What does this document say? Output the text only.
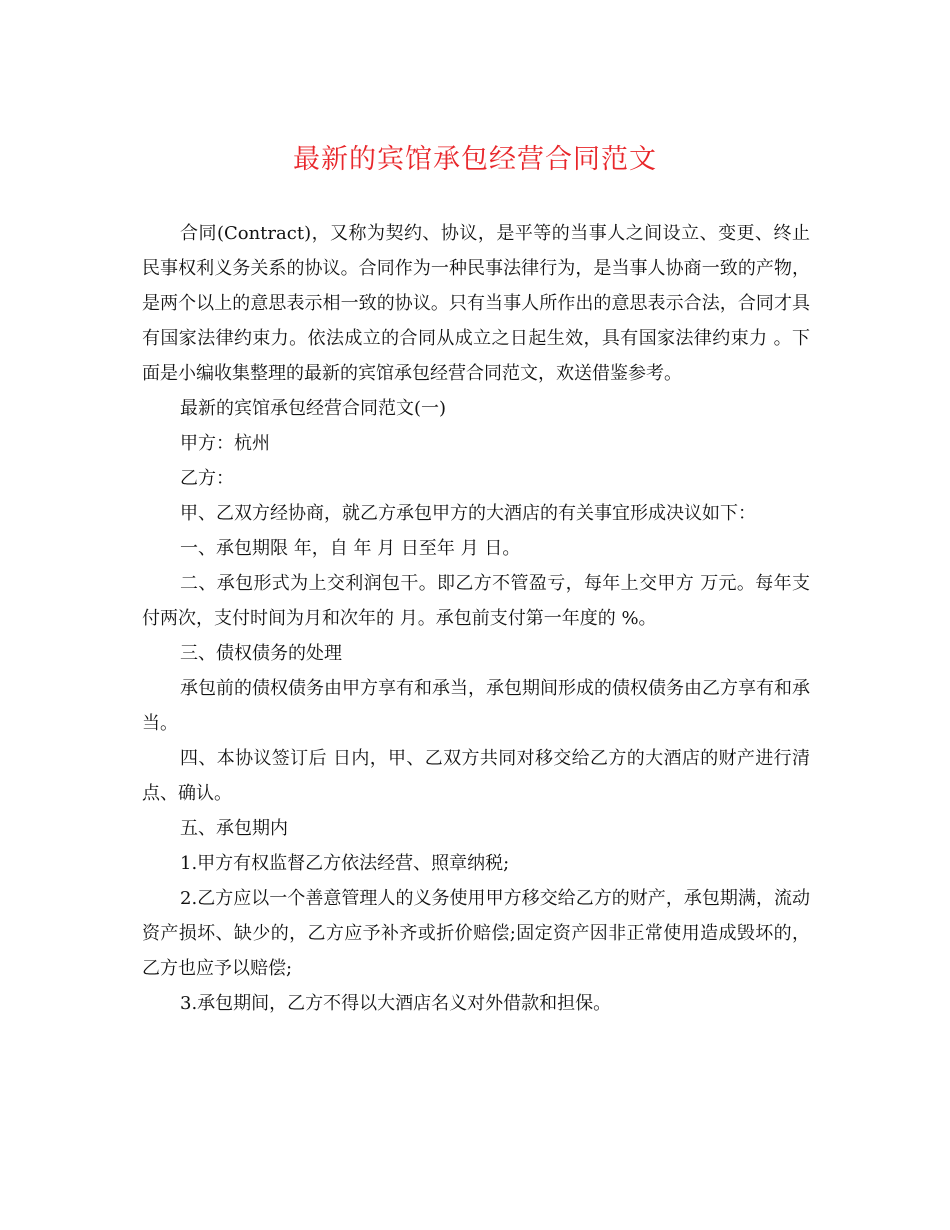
最新的宾馆承包经营合同范文

合同(Contract)，又称为契约、协议，是平等的当事人之间设立、变更、终止民事权利义务关系的协议。合同作为一种民事法律行为，是当事人协商一致的产物，是两个以上的意思表示相一致的协议。只有当事人所作出的意思表示合法，合同才具有国家法律约束力。依法成立的合同从成立之日起生效，具有国家法律约束力 。下面是小编收集整理的最新的宾馆承包经营合同范文，欢送借鉴参考。

最新的宾馆承包经营合同范文(一)

甲方：杭州

乙方：

甲、乙双方经协商，就乙方承包甲方的大酒店的有关事宜形成决议如下：

一、承包期限 年，自 年 月 日至年 月 日。

二、承包形式为上交利润包干。即乙方不管盈亏，每年上交甲方 万元。每年支付两次，支付时间为月和次年的 月。承包前支付第一年度的 %。

三、债权债务的处理

承包前的债权债务由甲方享有和承当，承包期间形成的债权债务由乙方享有和承当。

四、本协议签订后 日内，甲、乙双方共同对移交给乙方的大酒店的财产进行清点、确认。

五、承包期内

1.甲方有权监督乙方依法经营、照章纳税;

2.乙方应以一个善意管理人的义务使用甲方移交给乙方的财产，承包期满，流动资产损坏、缺少的，乙方应予补齐或折价赔偿;固定资产因非正常使用造成毁坏的，乙方也应予以赔偿;

3.承包期间，乙方不得以大酒店名义对外借款和担保。
